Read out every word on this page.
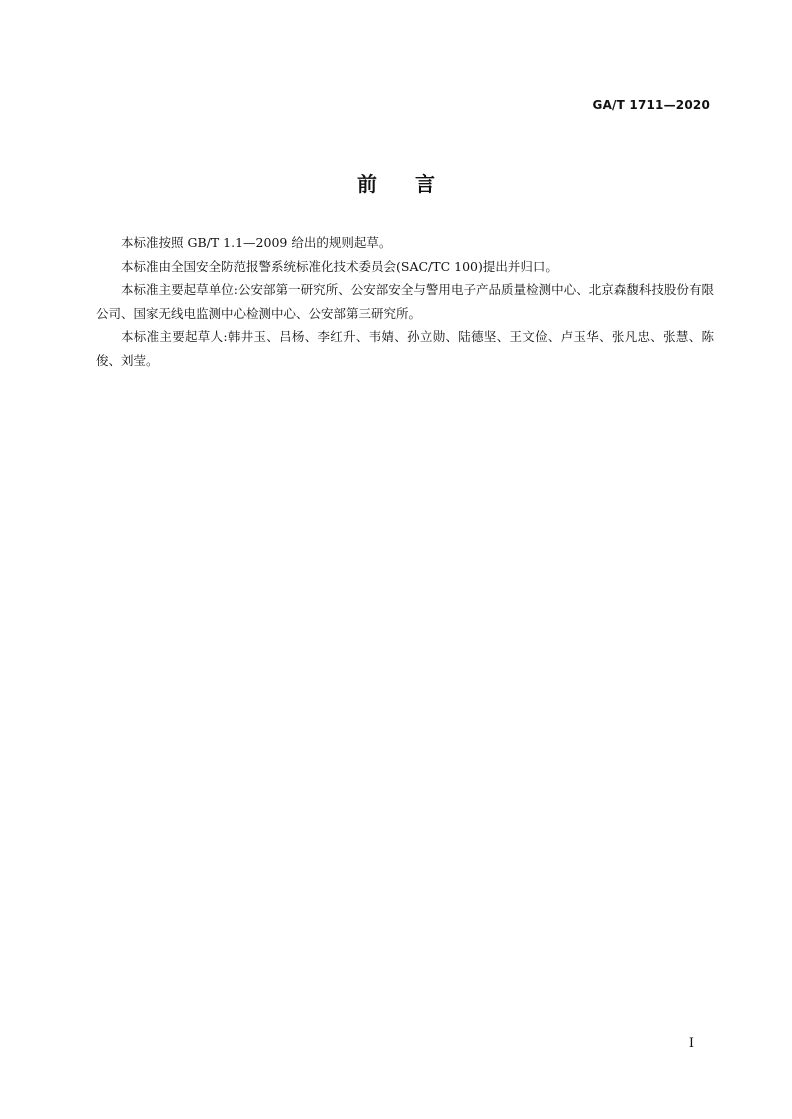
GA/T 1711—2020
前 言

本标准按照 GB/T 1.1—2009 给出的规则起草。

本标准由全国安全防范报警系统标准化技术委员会(SAC/TC 100)提出并归口。

本标准主要起草单位:公安部第一研究所、公安部安全与警用电子产品质量检测中心、北京森馥科技股份有限公司、国家无线电监测中心检测中心、公安部第三研究所。

本标准主要起草人:韩井玉、吕杨、李红升、韦婧、孙立勋、陆德坚、王文俭、卢玉华、张凡忠、张慧、陈俊、刘莹。

I
